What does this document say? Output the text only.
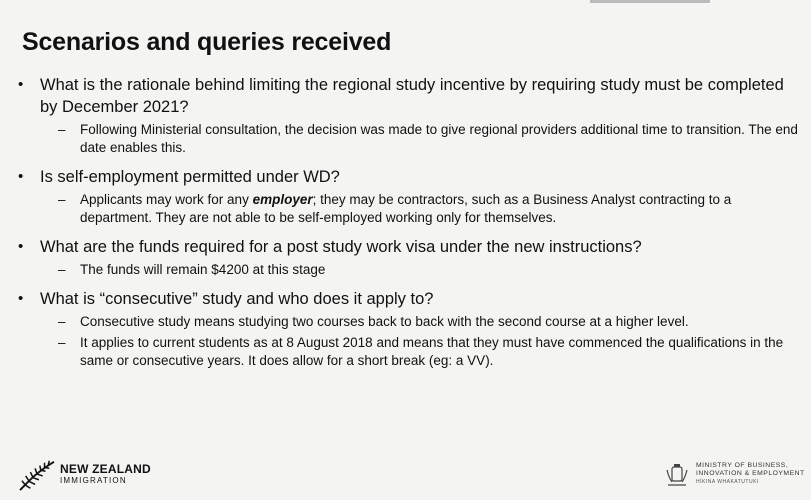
Scenarios and queries received
• What is the rationale behind limiting the regional study incentive by requiring study must be completed by December 2021?
– Following Ministerial consultation, the decision was made to give regional providers additional time to transition. The end date enables this.
• Is self-employment permitted under WD?
– Applicants may work for any employer; they may be contractors, such as a Business Analyst contracting to a department. They are not able to be self-employed working only for themselves.
• What are the funds required for a post study work visa under the new instructions?
– The funds will remain $4200 at this stage
• What is “consecutive” study and who does it apply to?
– Consecutive study means studying two courses back to back with the second course at a higher level.
– It applies to current students as at 8 August 2018 and means that they must have commenced the qualifications in the same or consecutive years. It does allow for a short break (eg: a VV).
NEW ZEALAND
IMMIGRATION
MINISTRY OF BUSINESS,
INNOVATION & EMPLOYMENT
HĪKINA WHAKATUTUKI
